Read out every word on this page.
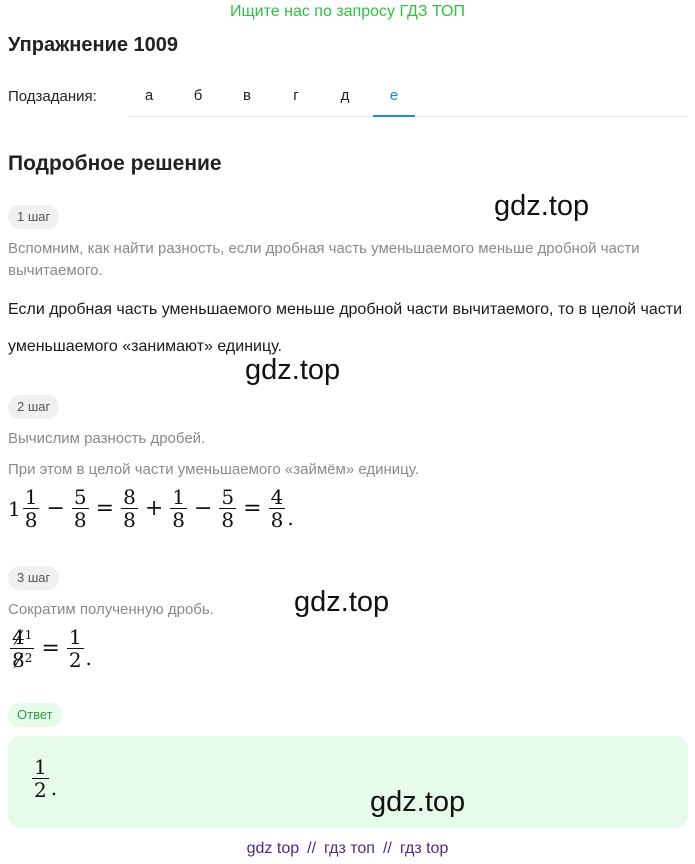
Ищите нас по запросу ГДЗ ТОП
Упражнение 1009
Подзадания:	а	б	в	г	д	е
Подробное решение
1 шаг	gdz.top
Вспомним, как найти разность, если дробная часть уменьшаемого меньше дробной части вычитаемого.
Если дробная часть уменьшаемого меньше дробной части вычитаемого, то в целой части уменьшаемого «занимают» единицу.
gdz.top
2 шаг
Вычислим разность дробей.
При этом в целой части уменьшаемого «займём» единицу.
$1 \frac{1}{8} - \frac{5}{8} = \frac{8}{8} + \frac{1}{8} - \frac{5}{8} = \frac{4}{8}$ .
3 шаг
gdz.top
Сократим полученную дробь.
$\frac{4^1}{8^2} = \frac{1}{2}$ .
Ответ
$\frac{1}{2}$ .	gdz.top
gdz top // гдз топ // гдз top
